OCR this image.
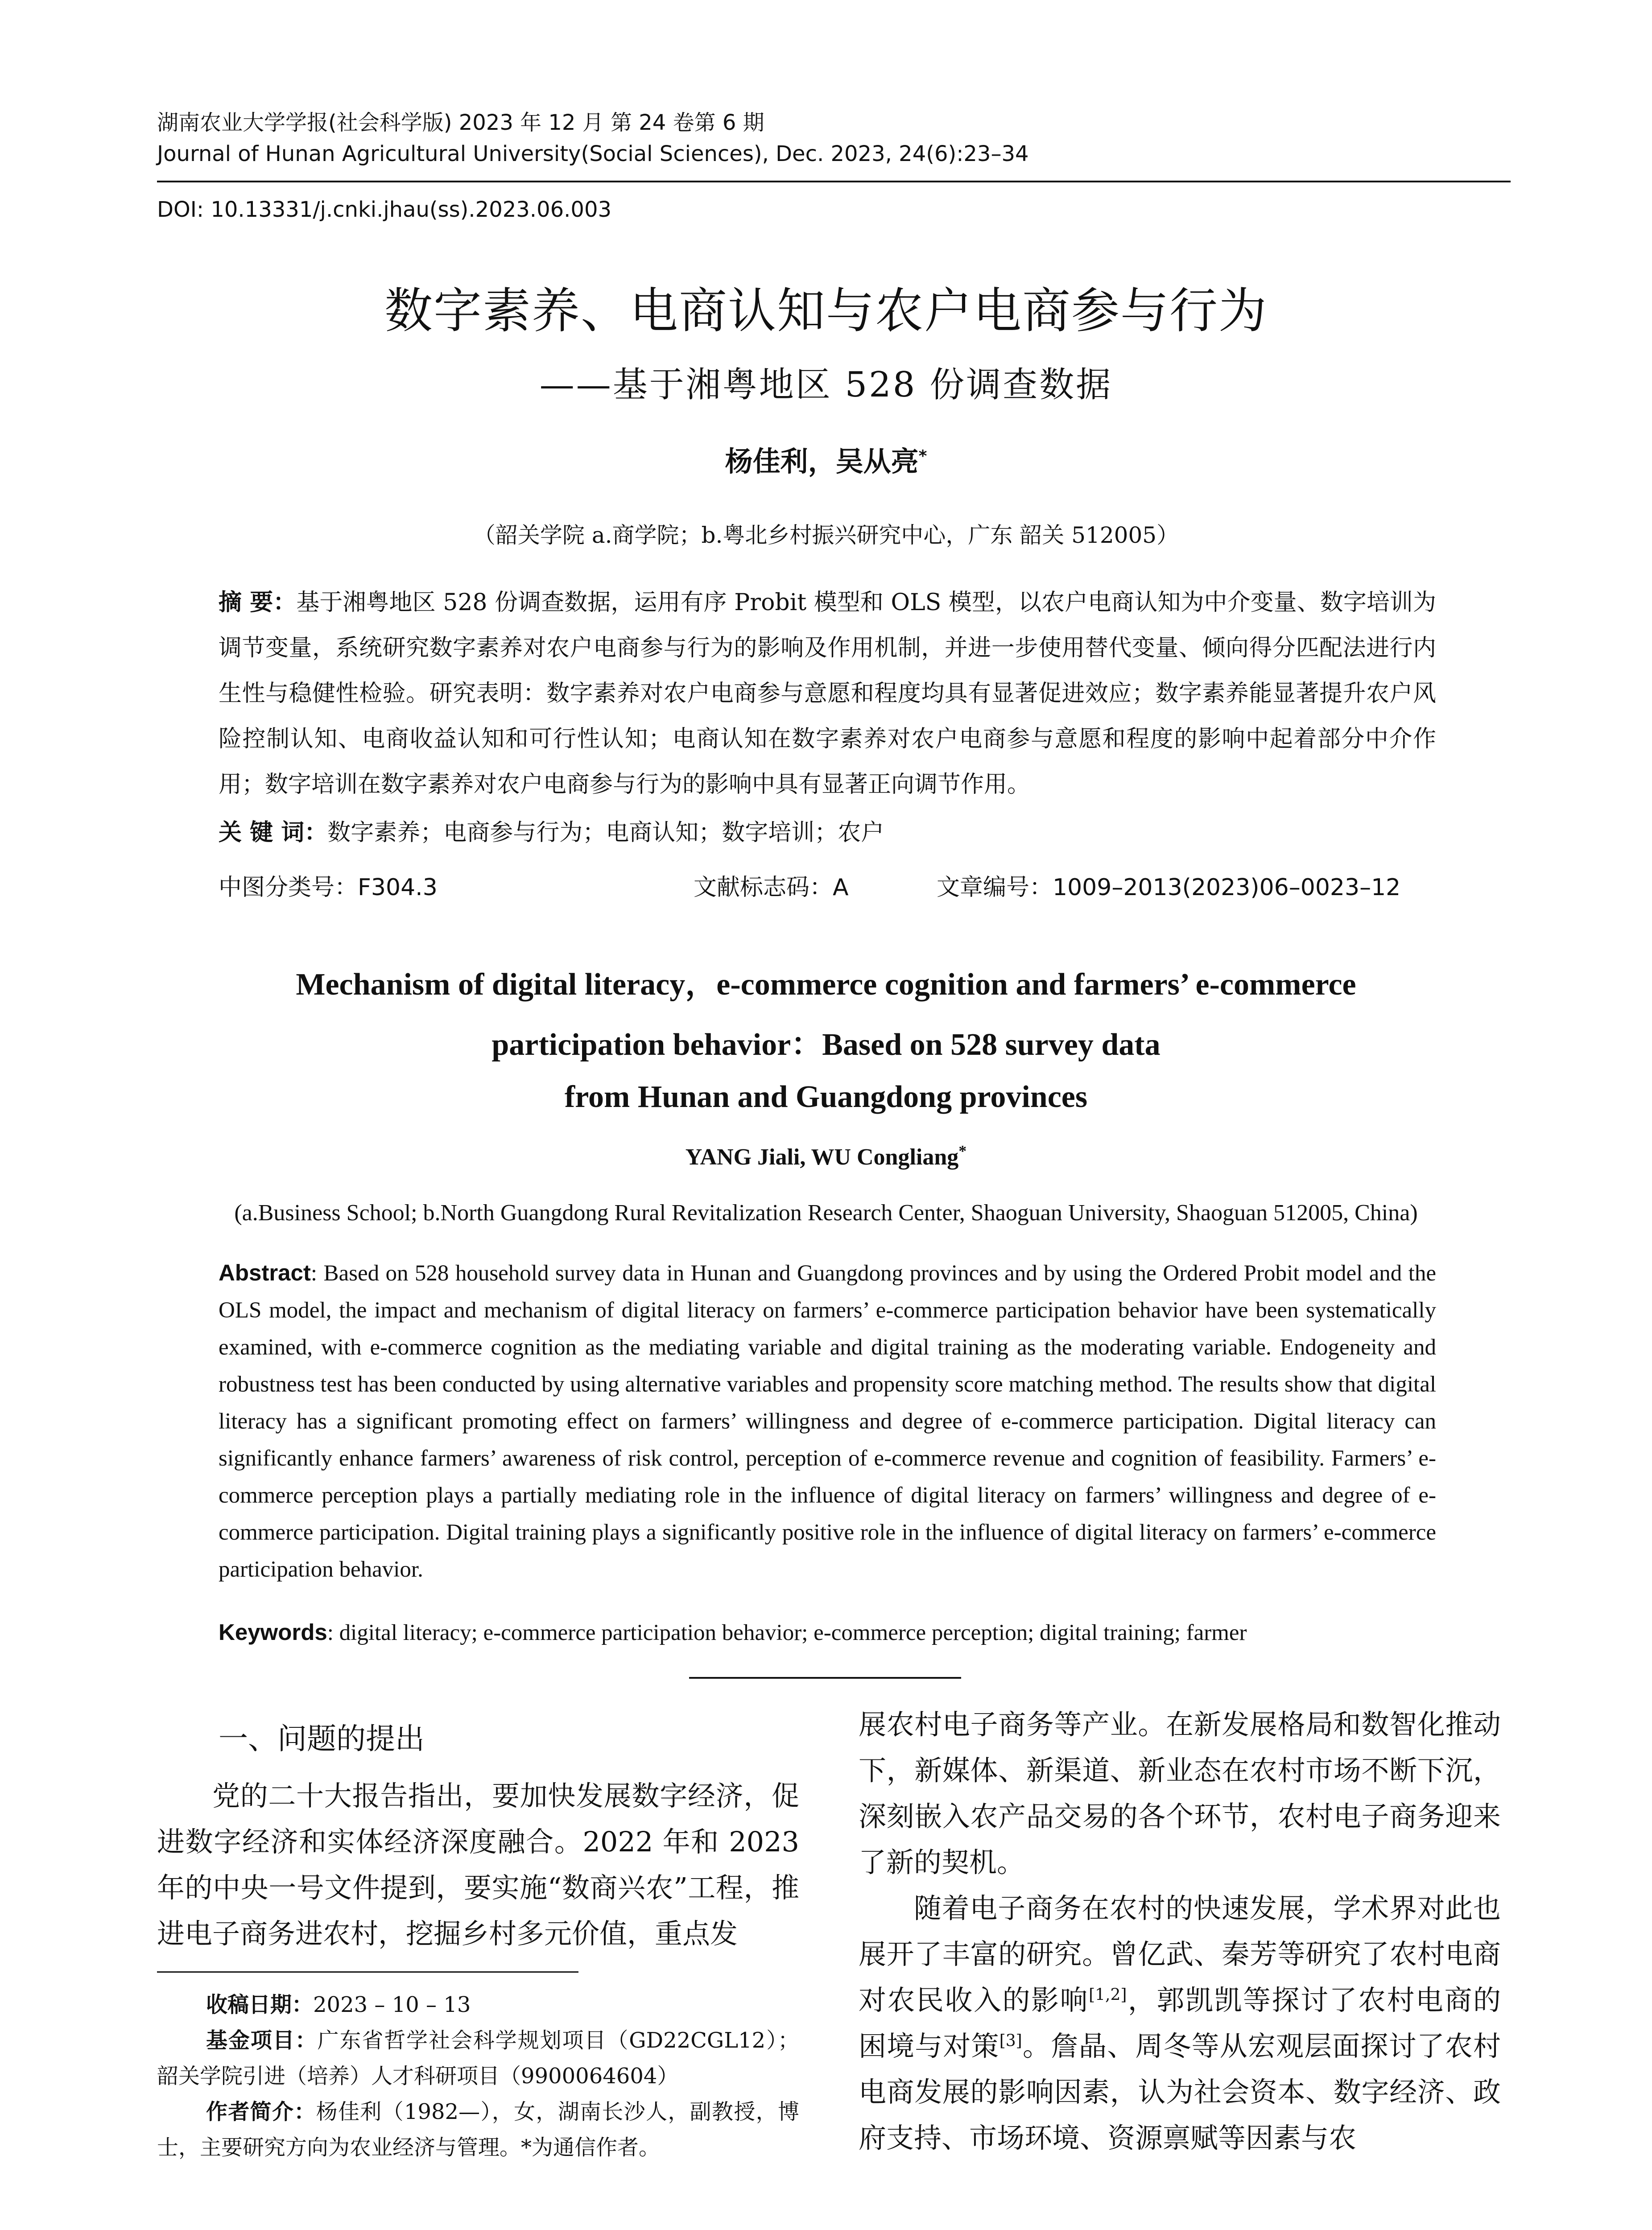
湖南农业大学学报(社会科学版) 2023 年 12 月 第 24 卷第 6 期
Journal of Hunan Agricultural University(Social Sciences), Dec. 2023, 24(6):23–34
DOI: 10.13331/j.cnki.jhau(ss).2023.06.003
数字素养、电商认知与农户电商参与行为
——基于湘粤地区 528 份调查数据
杨佳利，吴从亮*
（韶关学院 a.商学院；b.粤北乡村振兴研究中心，广东 韶关 512005）
摘 要：基于湘粤地区 528 份调查数据，运用有序 Probit 模型和 OLS 模型，以农户电商认知为中介变量、数字培训为调节变量，系统研究数字素养对农户电商参与行为的影响及作用机制，并进一步使用替代变量、倾向得分匹配法进行内生性与稳健性检验。研究表明：数字素养对农户电商参与意愿和程度均具有显著促进效应；数字素养能显著提升农户风险控制认知、电商收益认知和可行性认知；电商认知在数字素养对农户电商参与意愿和程度的影响中起着部分中介作用；数字培训在数字素养对农户电商参与行为的影响中具有显著正向调节作用。
关 键 词：数字素养；电商参与行为；电商认知；数字培训；农户
中图分类号：F304.3	文献标志码：A	文章编号：1009–2013(2023)06–0023–12
Mechanism of digital literacy，e-commerce cognition and farmers’ e-commerce
participation behavior：Based on 528 survey data
from Hunan and Guangdong provinces
YANG Jiali, WU Congliang*
(a.Business School; b.North Guangdong Rural Revitalization Research Center, Shaoguan University, Shaoguan 512005, China)
Abstract: Based on 528 household survey data in Hunan and Guangdong provinces and by using the Ordered Probit model and the OLS model, the impact and mechanism of digital literacy on farmers’ e-commerce participation behavior have been systematically examined, with e-commerce cognition as the mediating variable and digital training as the moderating variable. Endogeneity and robustness test has been conducted by using alternative variables and propensity score matching method. The results show that digital literacy has a significant promoting effect on farmers’ willingness and degree of e-commerce participation. Digital literacy can significantly enhance farmers’ awareness of risk control, perception of e-commerce revenue and cognition of feasibility. Farmers’ e-commerce perception plays a partially mediating role in the influence of digital literacy on farmers’ willingness and degree of e-commerce participation. Digital training plays a significantly positive role in the influence of digital literacy on farmers’ e-commerce participation behavior.
Keywords: digital literacy; e-commerce participation behavior; e-commerce perception; digital training; farmer
一、问题的提出
党的二十大报告指出，要加快发展数字经济，促进数字经济和实体经济深度融合。2022 年和 2023 年的中央一号文件提到，要实施“数商兴农”工程，推进电子商务进农村，挖掘乡村多元价值，重点发

收稿日期：2023 – 10 – 13

基金项目：广东省哲学社会科学规划项目（GD22CGL12）；韶关学院引进（培养）人才科研项目（9900064604）

作者简介：杨佳利（1982—），女，湖南长沙人，副教授，博士，主要研究方向为农业经济与管理。*为通信作者。

展农村电子商务等产业。在新发展格局和数智化推动下，新媒体、新渠道、新业态在农村市场不断下沉，深刻嵌入农产品交易的各个环节，农村电子商务迎来了新的契机。
随着电子商务在农村的快速发展，学术界对此也展开了丰富的研究。曾亿武、秦芳等研究了农村电商对农民收入的影响[1,2]，郭凯凯等探讨了农村电商的困境与对策[3]。詹晶、周冬等从宏观层面探讨了农村电商发展的影响因素，认为社会资本、数字经济、政府支持、市场环境、资源禀赋等因素与农
